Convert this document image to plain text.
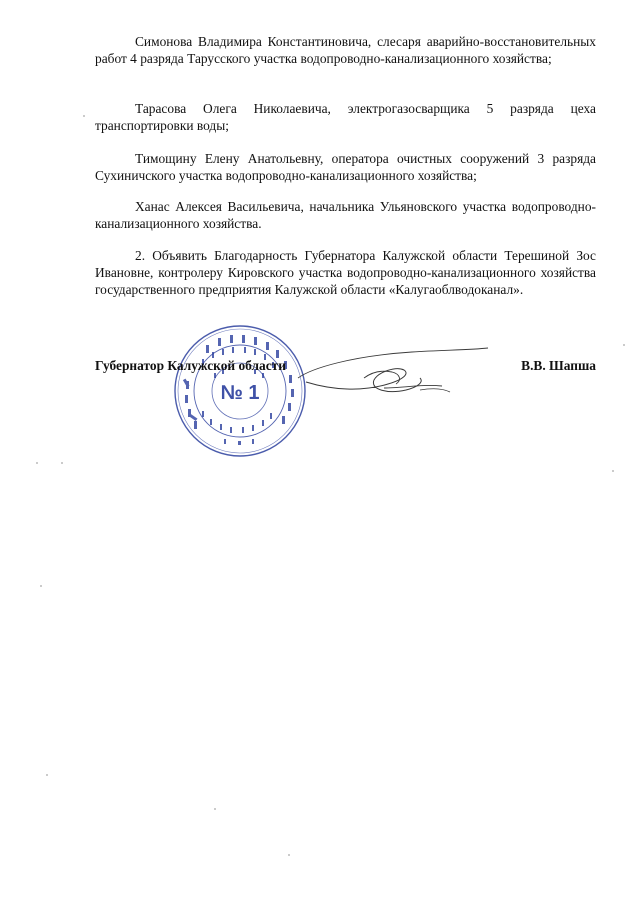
Симонова Владимира Константиновича, слесаря аварийно-восстановительных работ 4 разряда Тарусского участка водопроводно-канализационного хозяйства;

Тарасова Олега Николаевича, электрогазосварщика 5 разряда цеха транспортировки воды;

Тимощину Елену Анатольевну, оператора очистных сооружений 3 разряда Сухиничского участка водопроводно-канализационного хозяйства;

Ханас Алексея Васильевича, начальника Ульяновского участка водопроводно-канализационного хозяйства.

2. Объявить Благодарность Губернатора Калужской области Терешиной Зос Ивановне, контролеру Кировского участка водопроводно-канализационного хозяйства государственного предприятия Калужской области «Калугаоблводоканал».

№ 1

Губернатор Калужской области	В.В. Шапша
